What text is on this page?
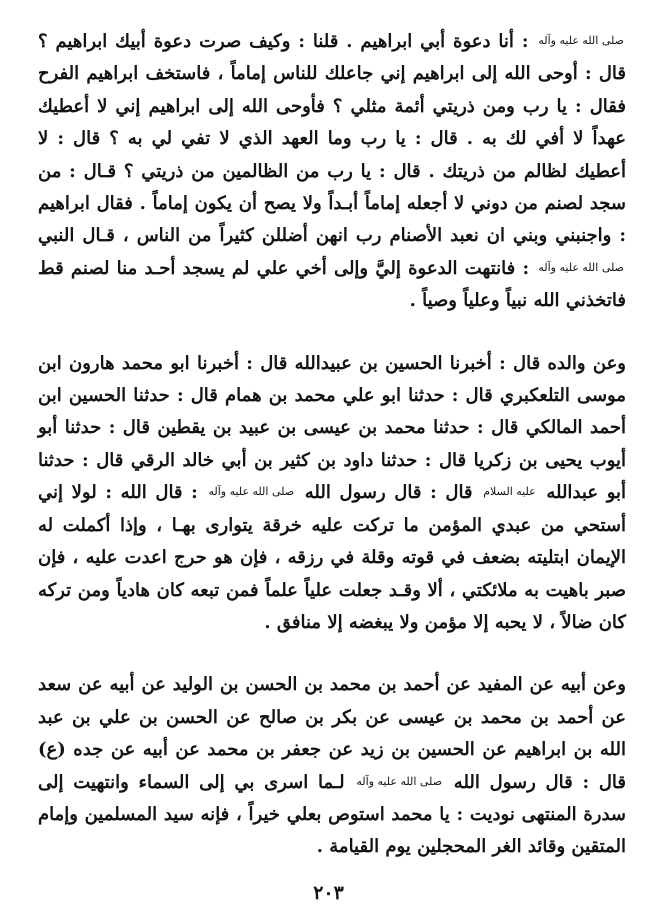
صلى الله عليه وآله : أنا دعوة أبي ابراهيم . قلنا : وكيف صرت دعوة أبيك ابراهيم ؟ قال : أوحى الله إلى ابراهيم إني جاعلك للناس إماماً ، فاستخف ابراهيم الفرح فقال : يا رب ومن ذريتي أئمة مثلي ؟ فأوحى الله إلى ابراهيم إني لا أعطيك عهداً لا أفي لك به . قال : يا رب وما العهد الذي لا تفي لي به ؟ قال : لا أعطيك لظالم من ذريتك . قال : يا رب من الظالمين من ذريتي ؟ قـال : من سجد لصنم من دوني لا أجعله إماماً أبـداً ولا يصح أن يكون إماماً . فقال ابراهيم : واجنبني وبني ان نعبد الأصنام رب انهن أضللن كثيراً من الناس ، قـال النبي صلى الله عليه وآله : فانتهت الدعوة إليَّ وإلى أخي علي لم يسجد أحـد منا لصنم قط فاتخذني الله نبياً وعلياً وصياً .

وعن والده قال : أخبرنا الحسين بن عبيدالله قال : أخبرنا ابو محمد هارون ابن موسى التلعكبري قال : حدثنا ابو علي محمد بن همام قال : حدثنا الحسين ابن أحمد المالكي قال : حدثنا محمد بن عيسى بن عبيد بن يقطين قال : حدثنا أبو أيوب يحيى بن زكريا قال : حدثنا داود بن كثير بن أبي خالد الرقي قال : حدثنا أبو عبدالله عليه السلام قال : قال رسول الله صلى الله عليه وآله : قال الله : لولا إني أستحي من عبدي المؤمن ما تركت عليه خرقة يتوارى بهـا ، وإذا أكملت له الإيمان ابتليته بضعف في قوته وقلة في رزقه ، فإن هو حرج اعدت عليه ، فإن صبر باهيت به ملائكتي ، ألا وقـد جعلت علياً علماً فمن تبعه كان هادياً ومن تركه كان ضالاً ، لا يحبه إلا مؤمن ولا يبغضه إلا منافق .

وعن أبيه عن المفيد عن أحمد بن محمد بن الحسن بن الوليد عن أبيه عن سعد عن أحمد بن محمد بن عيسى عن بكر بن صالح عن الحسن بن علي بن عبد الله بن ابراهيم عن الحسين بن زيد عن جعفر بن محمد عن أبيه عن جده (ع) قال : قال رسول الله صلى الله عليه وآله لـما اسرى بي إلى السماء وانتهيت إلى سدرة المنتهى نوديت : يا محمد استوص بعلي خيراً ، فإنه سيد المسلمين وإمام المتقين وقائد الغر المحجلين يوم القيامة .

٢٠٣
